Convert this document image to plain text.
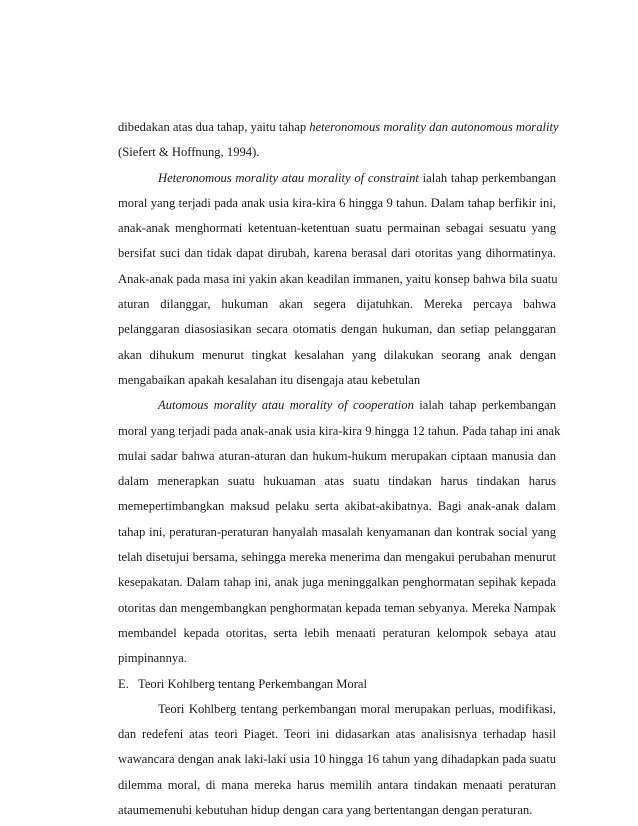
dibedakan atas dua tahap, yaitu tahap heteronomous morality dan autonomous morality
(Siefert & Hoffnung, 1994).
Heteronomous morality atau morality of constraint ialah tahap perkembangan
moral yang terjadi pada anak usia kira-kira 6 hingga 9 tahun. Dalam tahap berfikir ini,
anak-anak menghormati ketentuan-ketentuan suatu permainan sebagai sesuatu yang
bersifat suci dan tidak dapat dirubah, karena berasal dari otoritas yang dihormatinya.
Anak-anak pada masa ini yakin akan keadilan immanen, yaitu konsep bahwa bila suatu
aturan dilanggar, hukuman akan segera dijatuhkan. Mereka percaya bahwa
pelanggaran diasosiasikan secara otomatis dengan hukuman, dan setiap pelanggaran
akan dihukum menurut tingkat kesalahan yang dilakukan seorang anak dengan
mengabaikan apakah kesalahan itu disengaja atau kebetulan
Automous morality atau morality of cooperation ialah tahap perkembangan
moral yang terjadi pada anak-anak usia kira-kira 9 hingga 12 tahun. Pada tahap ini anak
mulai sadar bahwa aturan-aturan dan hukum-hukum merupakan ciptaan manusia dan
dalam menerapkan suatu hukuaman atas suatu tindakan harus tindakan harus
memepertimbangkan maksud pelaku serta akibat-akibatnya. Bagi anak-anak dalam
tahap ini, peraturan-peraturan hanyalah masalah kenyamanan dan kontrak social yang
telah disetujui bersama, sehingga mereka menerima dan mengakui perubahan menurut
kesepakatan. Dalam tahap ini, anak juga meninggalkan penghormatan sepihak kepada
otoritas dan mengembangkan penghormatan kepada teman sebyanya. Mereka Nampak
membandel kepada otoritas, serta lebih menaati peraturan kelompok sebaya atau
pimpinannya.
E. Teori Kohlberg tentang Perkembangan Moral
Teori Kohlberg tentang perkembangan moral merupakan perluas, modifikasi,
dan redefeni atas teori Piaget. Teori ini didasarkan atas analisisnya terhadap hasil
wawancara dengan anak laki-laki usia 10 hingga 16 tahun yang dihadapkan pada suatu
dilemma moral, di mana mereka harus memilih antara tindakan menaati peraturan
ataumemenuhi kebutuhan hidup dengan cara yang bertentangan dengan peraturan.
